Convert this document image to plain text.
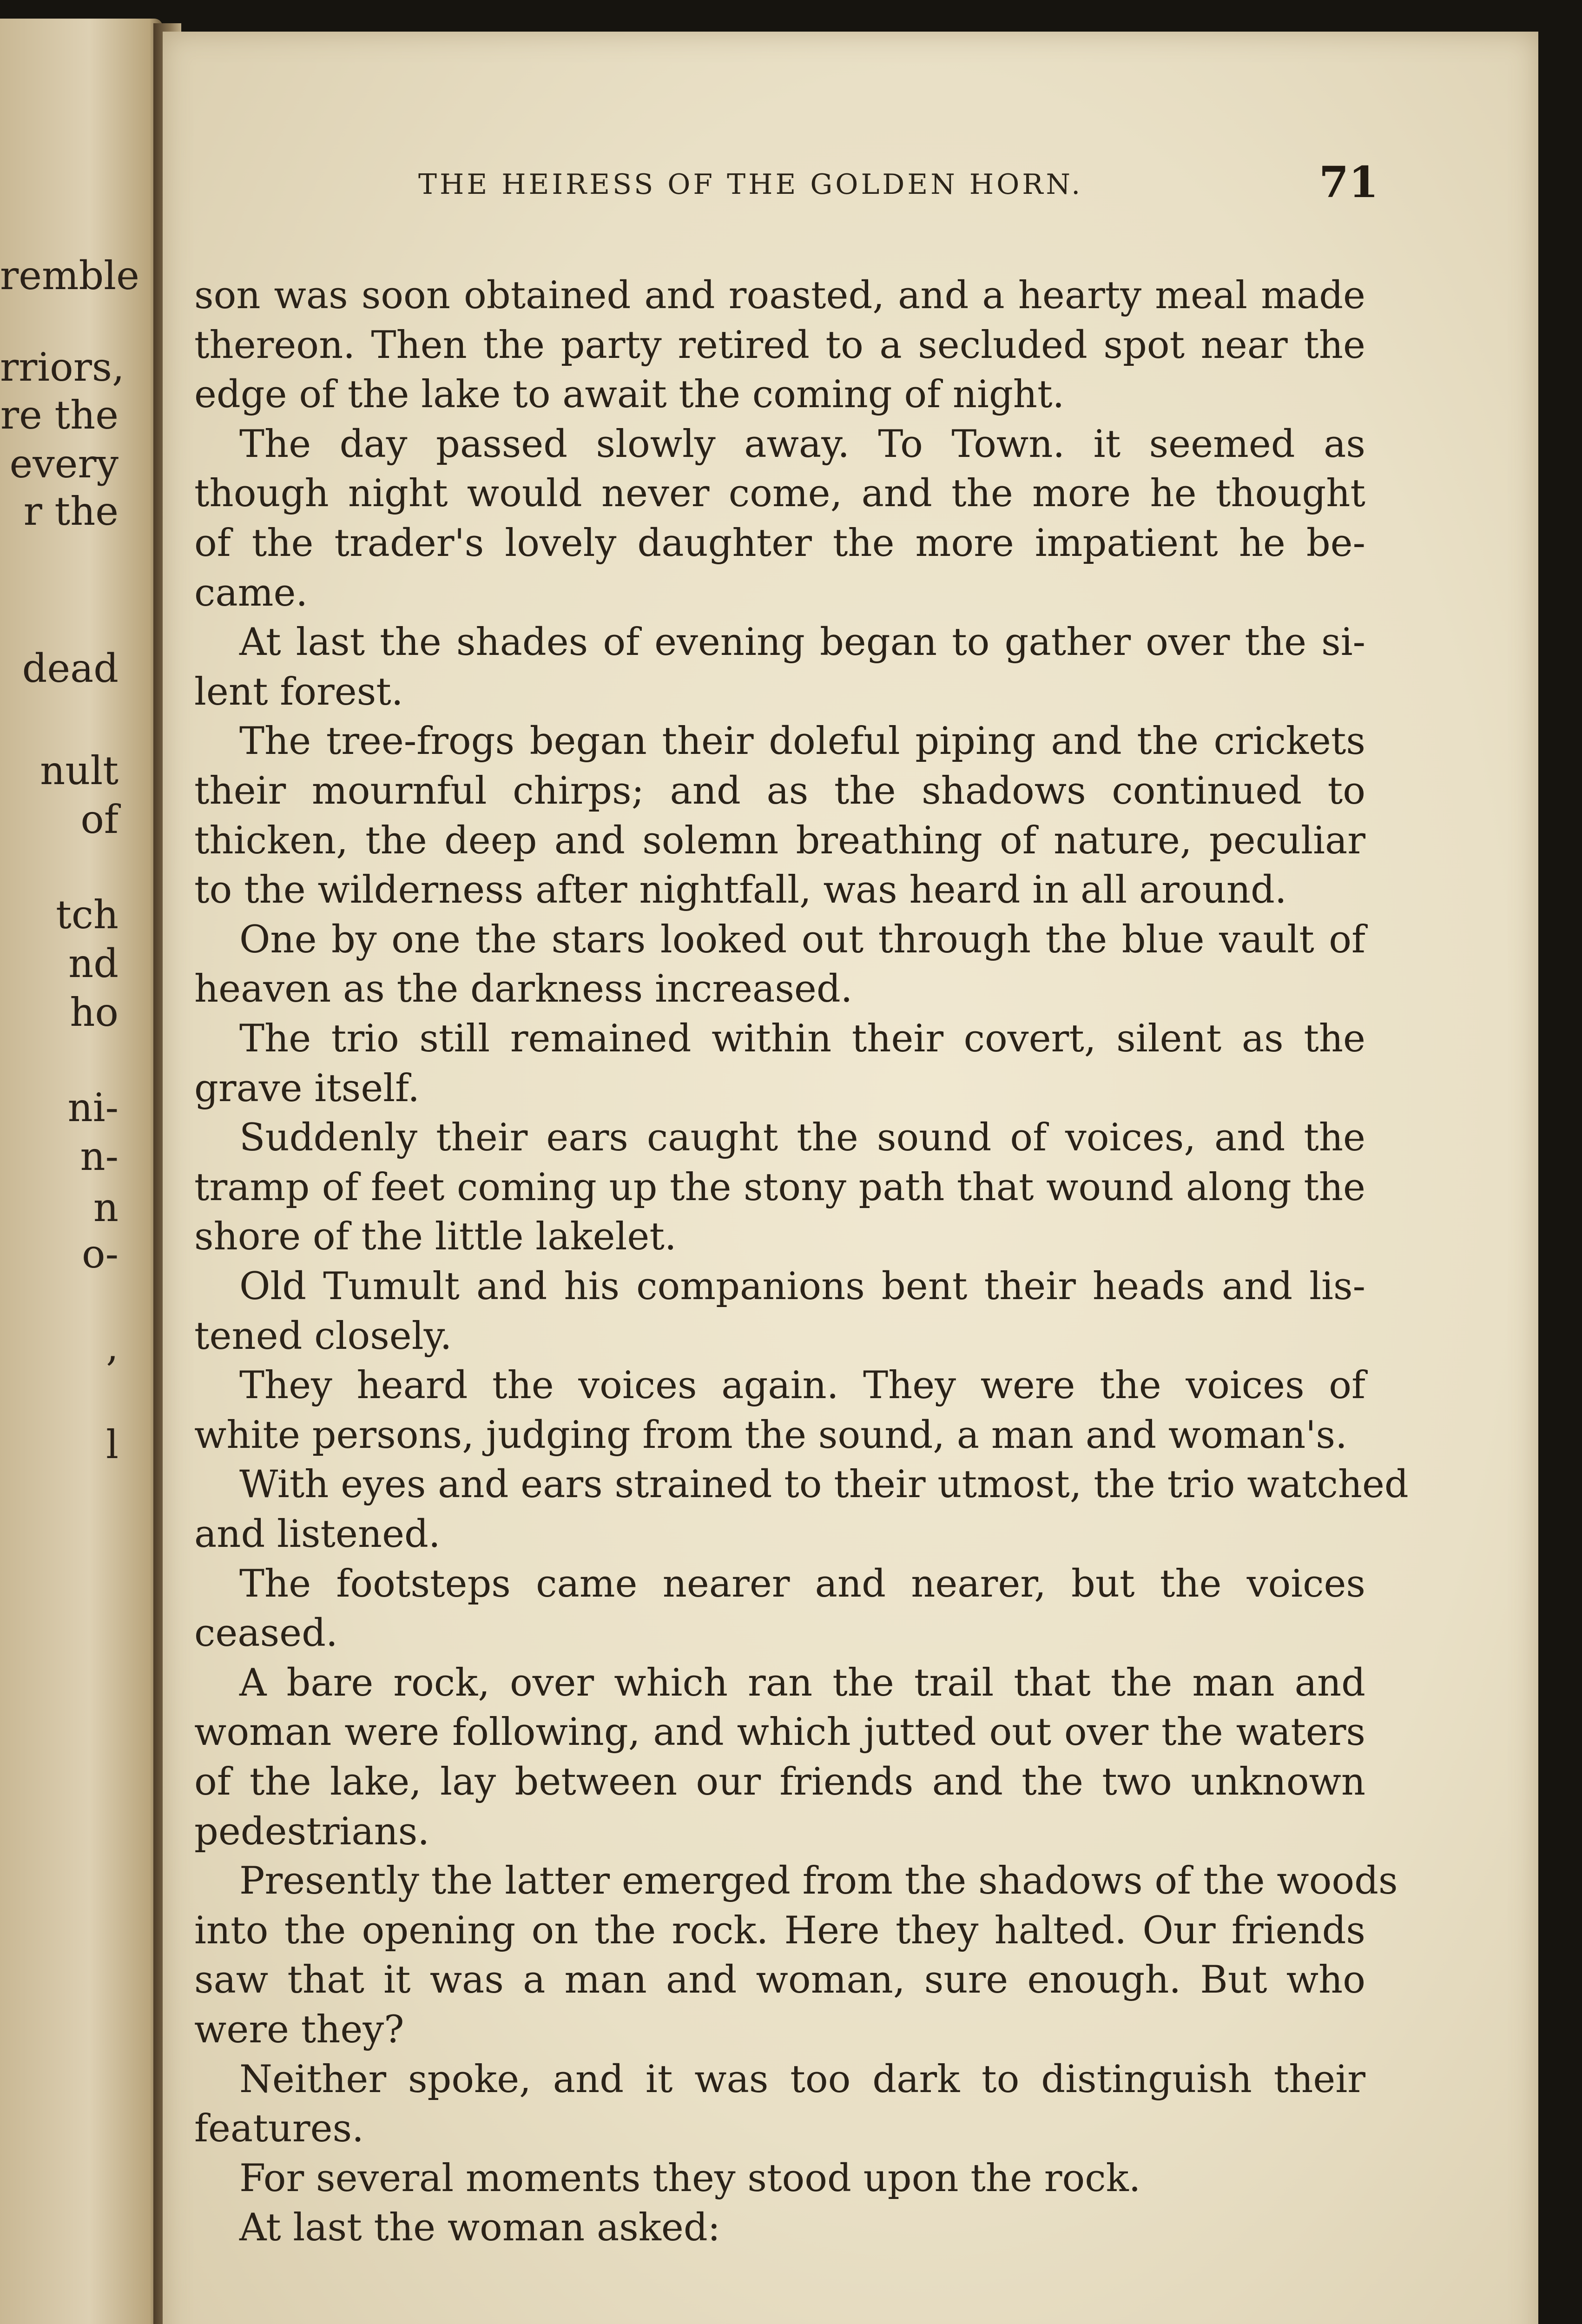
remble
rriors,
re the
every
r the
dead
nult
of
tch
nd
ho
ni-
n-
n
o-
,
l
THE HEIRESS OF THE GOLDEN HORN.	71
son was soon obtained and roasted, and a hearty meal made
thereon. Then the party retired to a secluded spot near the
edge of the lake to await the coming of night.
The day passed slowly away. To Town. it seemed as
though night would never come, and the more he thought
of the trader's lovely daughter the more impatient he be-
came.
At last the shades of evening began to gather over the si-
lent forest.
The tree-frogs began their doleful piping and the crickets
their mournful chirps; and as the shadows continued to
thicken, the deep and solemn breathing of nature, peculiar
to the wilderness after nightfall, was heard in all around.
One by one the stars looked out through the blue vault of
heaven as the darkness increased.
The trio still remained within their covert, silent as the
grave itself.
Suddenly their ears caught the sound of voices, and the
tramp of feet coming up the stony path that wound along the
shore of the little lakelet.
Old Tumult and his companions bent their heads and lis-
tened closely.
They heard the voices again. They were the voices of
white persons, judging from the sound, a man and woman's.
With eyes and ears strained to their utmost, the trio watched
and listened.
The footsteps came nearer and nearer, but the voices
ceased.
A bare rock, over which ran the trail that the man and
woman were following, and which jutted out over the waters
of the lake, lay between our friends and the two unknown
pedestrians.
Presently the latter emerged from the shadows of the woods
into the opening on the rock. Here they halted. Our friends
saw that it was a man and woman, sure enough. But who
were they?
Neither spoke, and it was too dark to distinguish their
features.
For several moments they stood upon the rock.
At last the woman asked:
